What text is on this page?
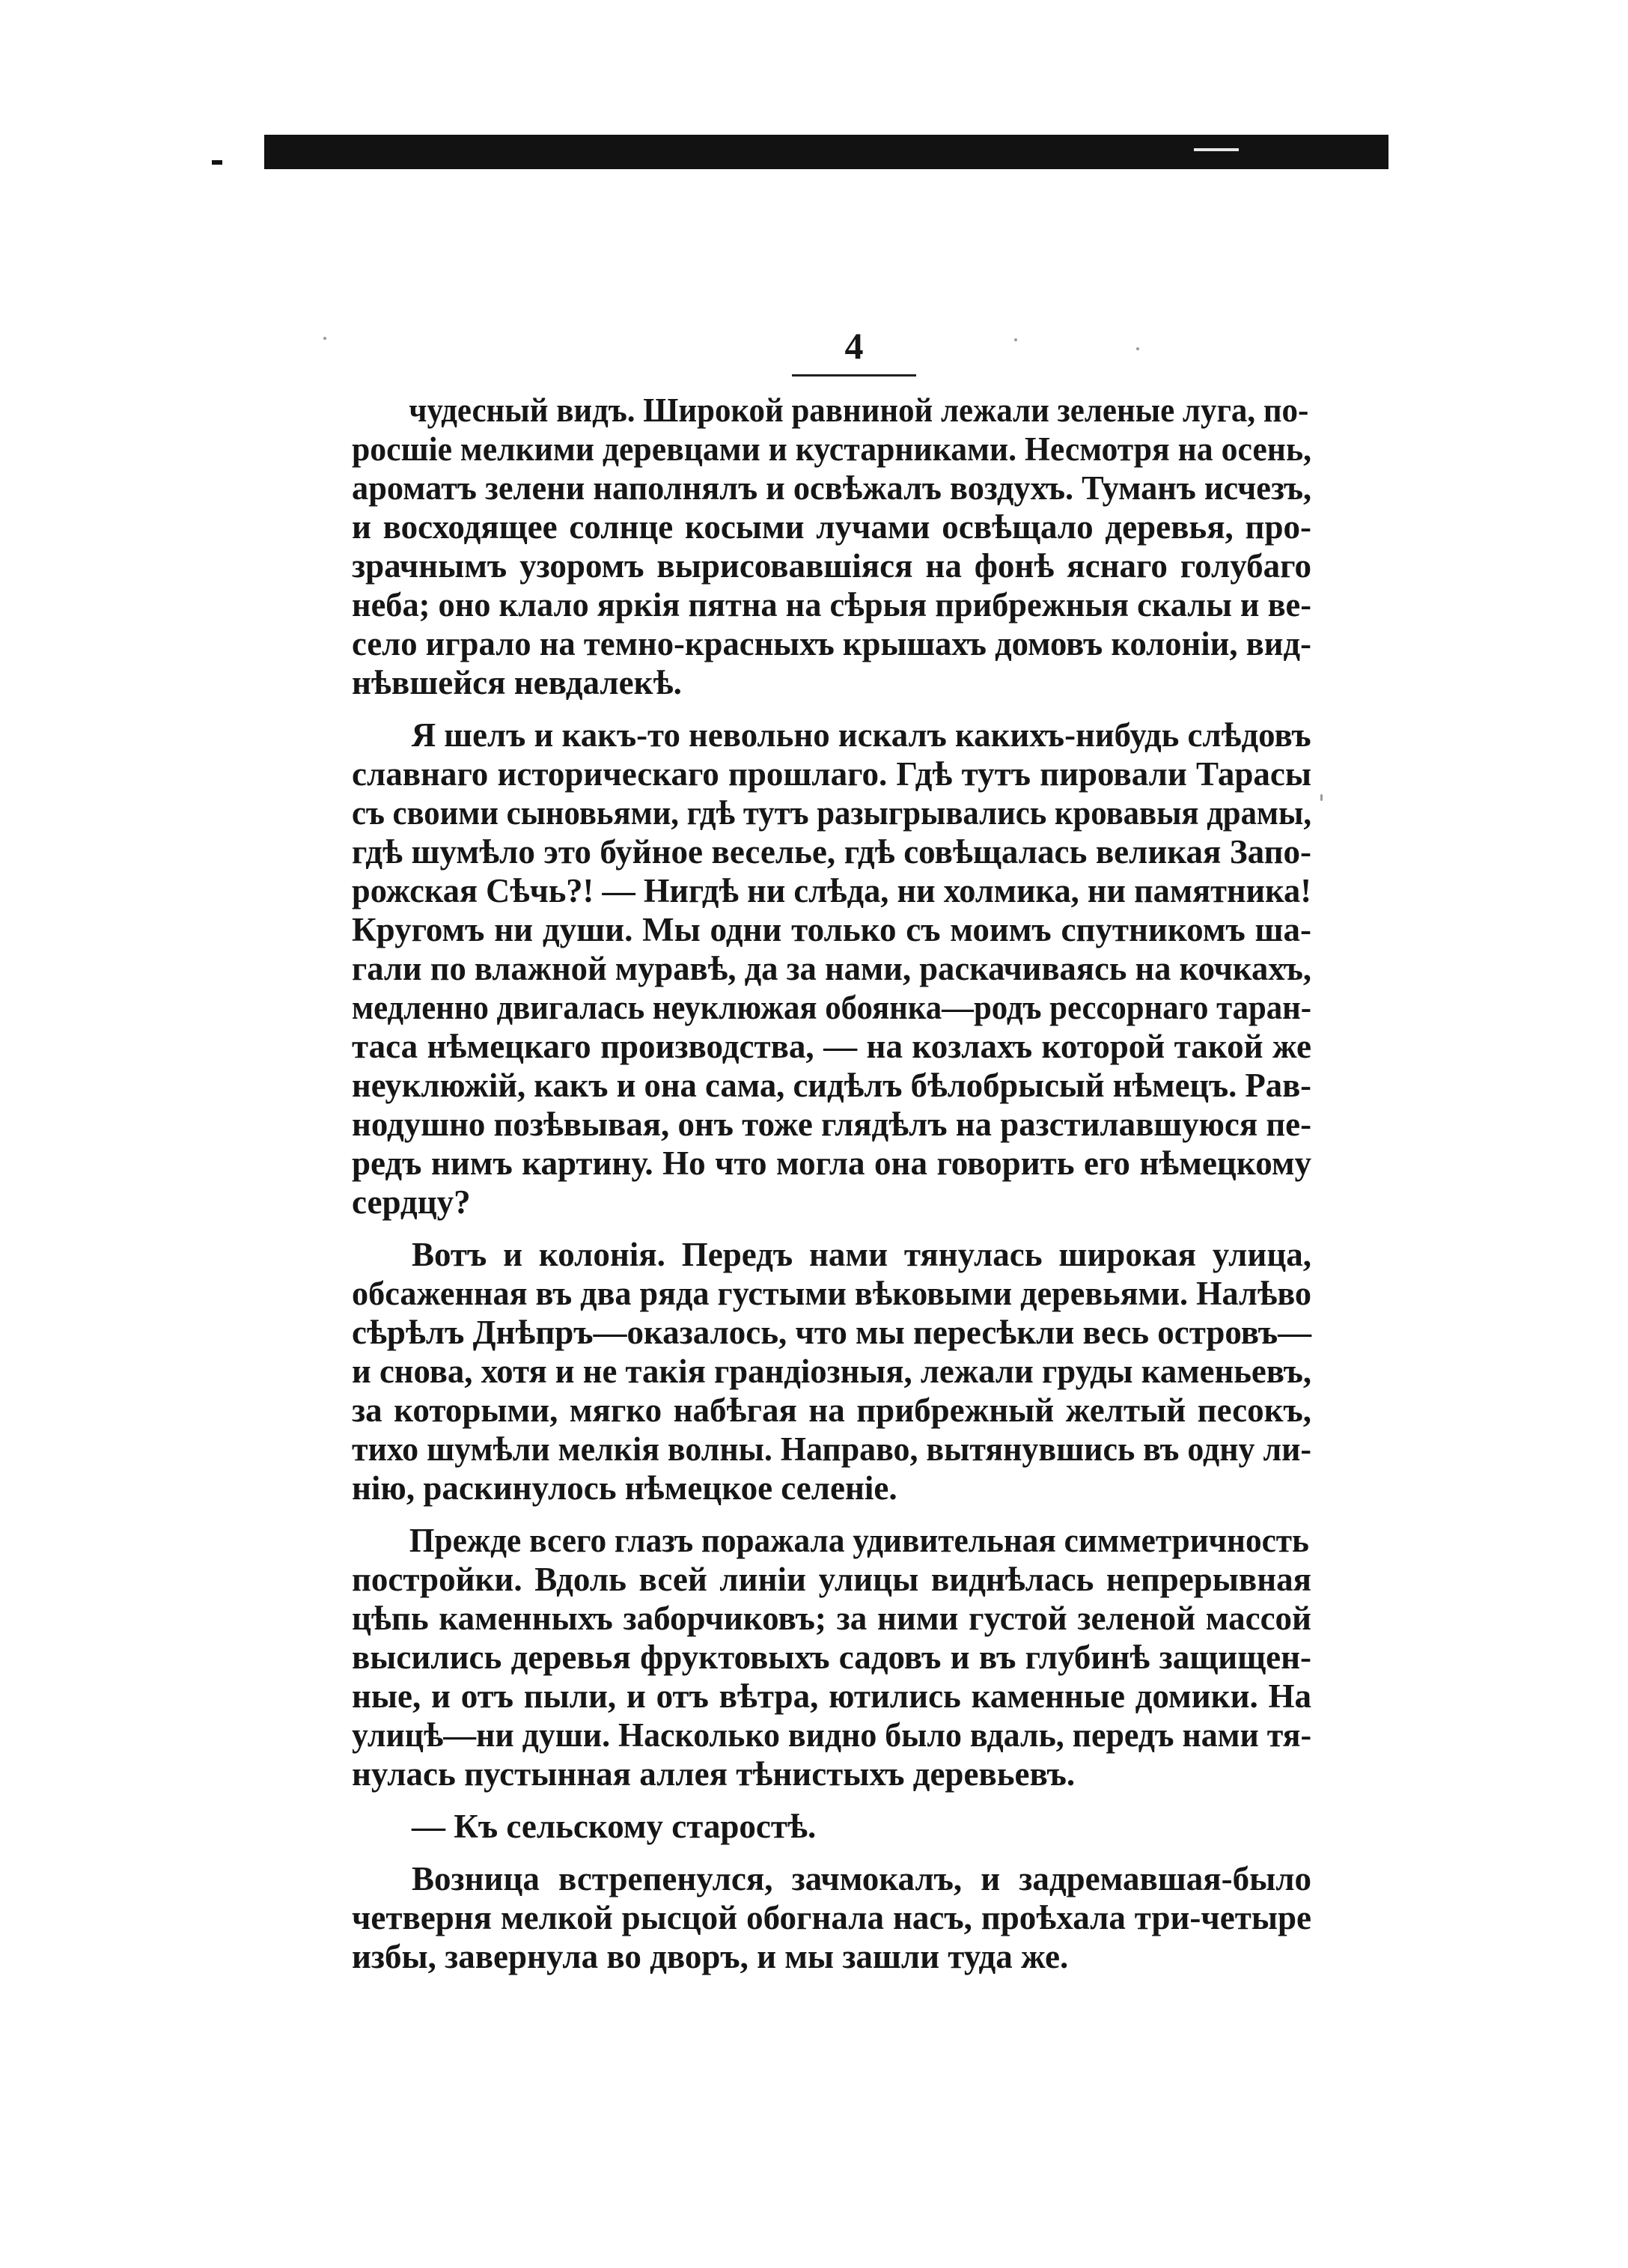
4
чудесный видъ. Широкой равниной лежали зеленые луга, по-
росшіе мелкими деревцами и кустарниками. Несмотря на осень,
ароматъ зелени наполнялъ и освѣжалъ воздухъ. Туманъ исчезъ,
и восходящее солнце косыми лучами освѣщало деревья, про-
зрачнымъ узоромъ вырисовавшіяся на фонѣ яснаго голубаго
неба; оно клало яркія пятна на сѣрыя прибрежныя скалы и ве-
село играло на темно-красныхъ крышахъ домовъ колоніи, вид-
нѣвшейся невдалекѣ.
Я шелъ и какъ-то невольно искалъ какихъ-нибудь слѣдовъ
славнаго историческаго прошлаго. Гдѣ тутъ пировали Тарасы
съ своими сыновьями, гдѣ тутъ разыгрывались кровавыя драмы,
гдѣ шумѣло это буйное веселье, гдѣ совѣщалась великая Запо-
рожская Сѣчь?! — Нигдѣ ни слѣда, ни холмика, ни памятника!
Кругомъ ни души. Мы одни только съ моимъ спутникомъ ша-
гали по влажной муравѣ, да за нами, раскачиваясь на кочкахъ,
медленно двигалась неуклюжая обоянка—родъ рессорнаго таран-
таса нѣмецкаго производства, — на козлахъ которой такой же
неуклюжій, какъ и она сама, сидѣлъ бѣлобрысый нѣмецъ. Рав-
нодушно позѣвывая, онъ тоже глядѣлъ на разстилавшуюся пе-
редъ нимъ картину. Но что могла она говорить его нѣмецкому
сердцу?
Вотъ и колонія. Передъ нами тянулась широкая улица,
обсаженная въ два ряда густыми вѣковыми деревьями. Налѣво
сѣрѣлъ Днѣпръ—оказалось, что мы пересѣкли весь островъ—
и снова, хотя и не такія грандіозныя, лежали груды каменьевъ,
за которыми, мягко набѣгая на прибрежный желтый песокъ,
тихо шумѣли мелкія волны. Направо, вытянувшись въ одну ли-
нію, раскинулось нѣмецкое селеніе.
Прежде всего глазъ поражала удивительная симметричность
постройки. Вдоль всей линіи улицы виднѣлась непрерывная
цѣпь каменныхъ заборчиковъ; за ними густой зеленой массой
высились деревья фруктовыхъ садовъ и въ глубинѣ защищен-
ные, и отъ пыли, и отъ вѣтра, ютились каменные домики. На
улицѣ—ни души. Насколько видно было вдаль, передъ нами тя-
нулась пустынная аллея тѣнистыхъ деревьевъ.
— Къ сельскому старостѣ.
Возница встрепенулся, зачмокалъ, и задремавшая-было
четверня мелкой рысцой обогнала насъ, проѣхала три-четыре
избы, завернула во дворъ, и мы зашли туда же.
